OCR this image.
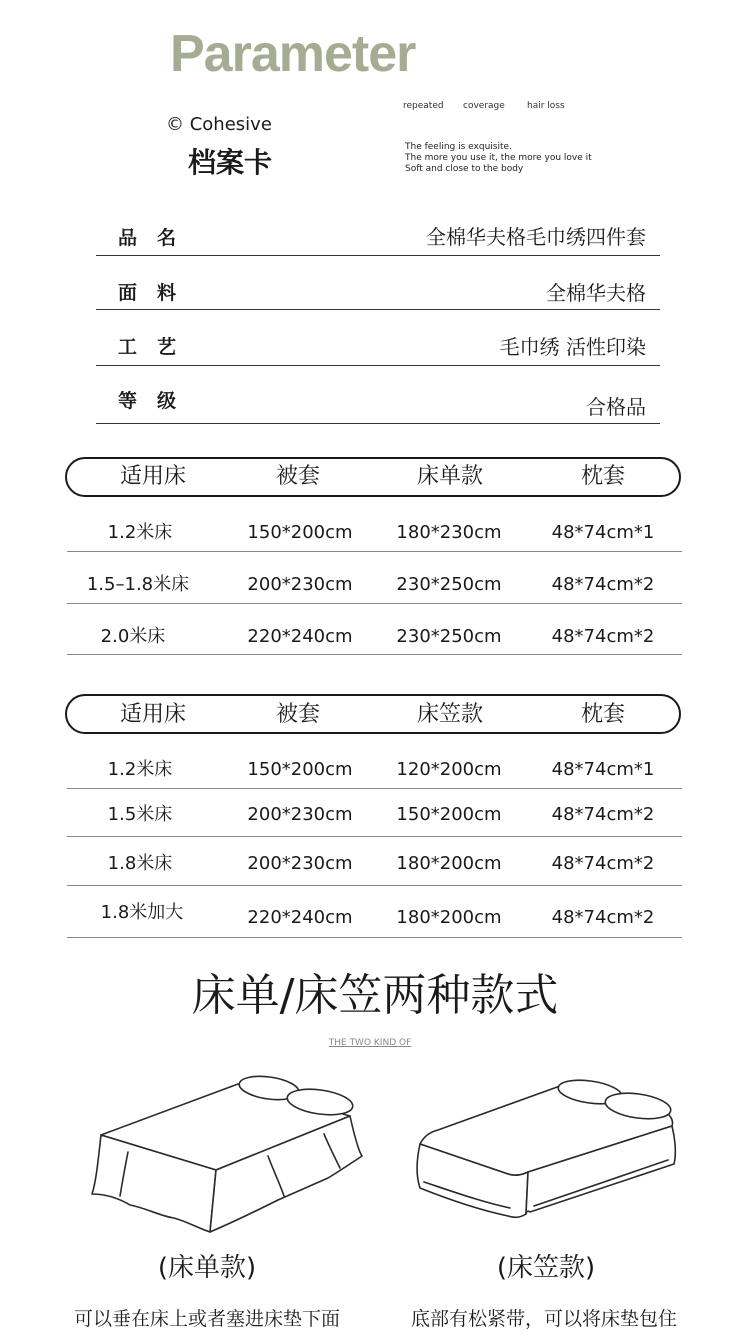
Parameter
© Cohesive
档案卡
repeated coverage hair loss
The feeling is exquisite.
The more you use it, the more you love it
Soft and close to the body
品名	全棉华夫格毛巾绣四件套
面料	全棉华夫格
工艺	毛巾绣 活性印染
等级	合格品
适用床	被套	床单款	枕套
1.2米床	150*200cm	180*230cm	48*74cm*1
1.5–1.8米床	200*230cm	230*250cm	48*74cm*2
2.0米床	220*240cm	230*250cm	48*74cm*2
适用床	被套	床笠款	枕套
1.2米床	150*200cm	120*200cm	48*74cm*1
1.5米床	200*230cm	150*200cm	48*74cm*2
1.8米床	200*230cm	180*200cm	48*74cm*2
1.8米加大	220*240cm	180*200cm	48*74cm*2
床单/床笠两种款式
THE TWO KIND OF
(床单款)	(床笠款)
可以垂在床上或者塞进床垫下面	底部有松紧带，可以将床垫包住
